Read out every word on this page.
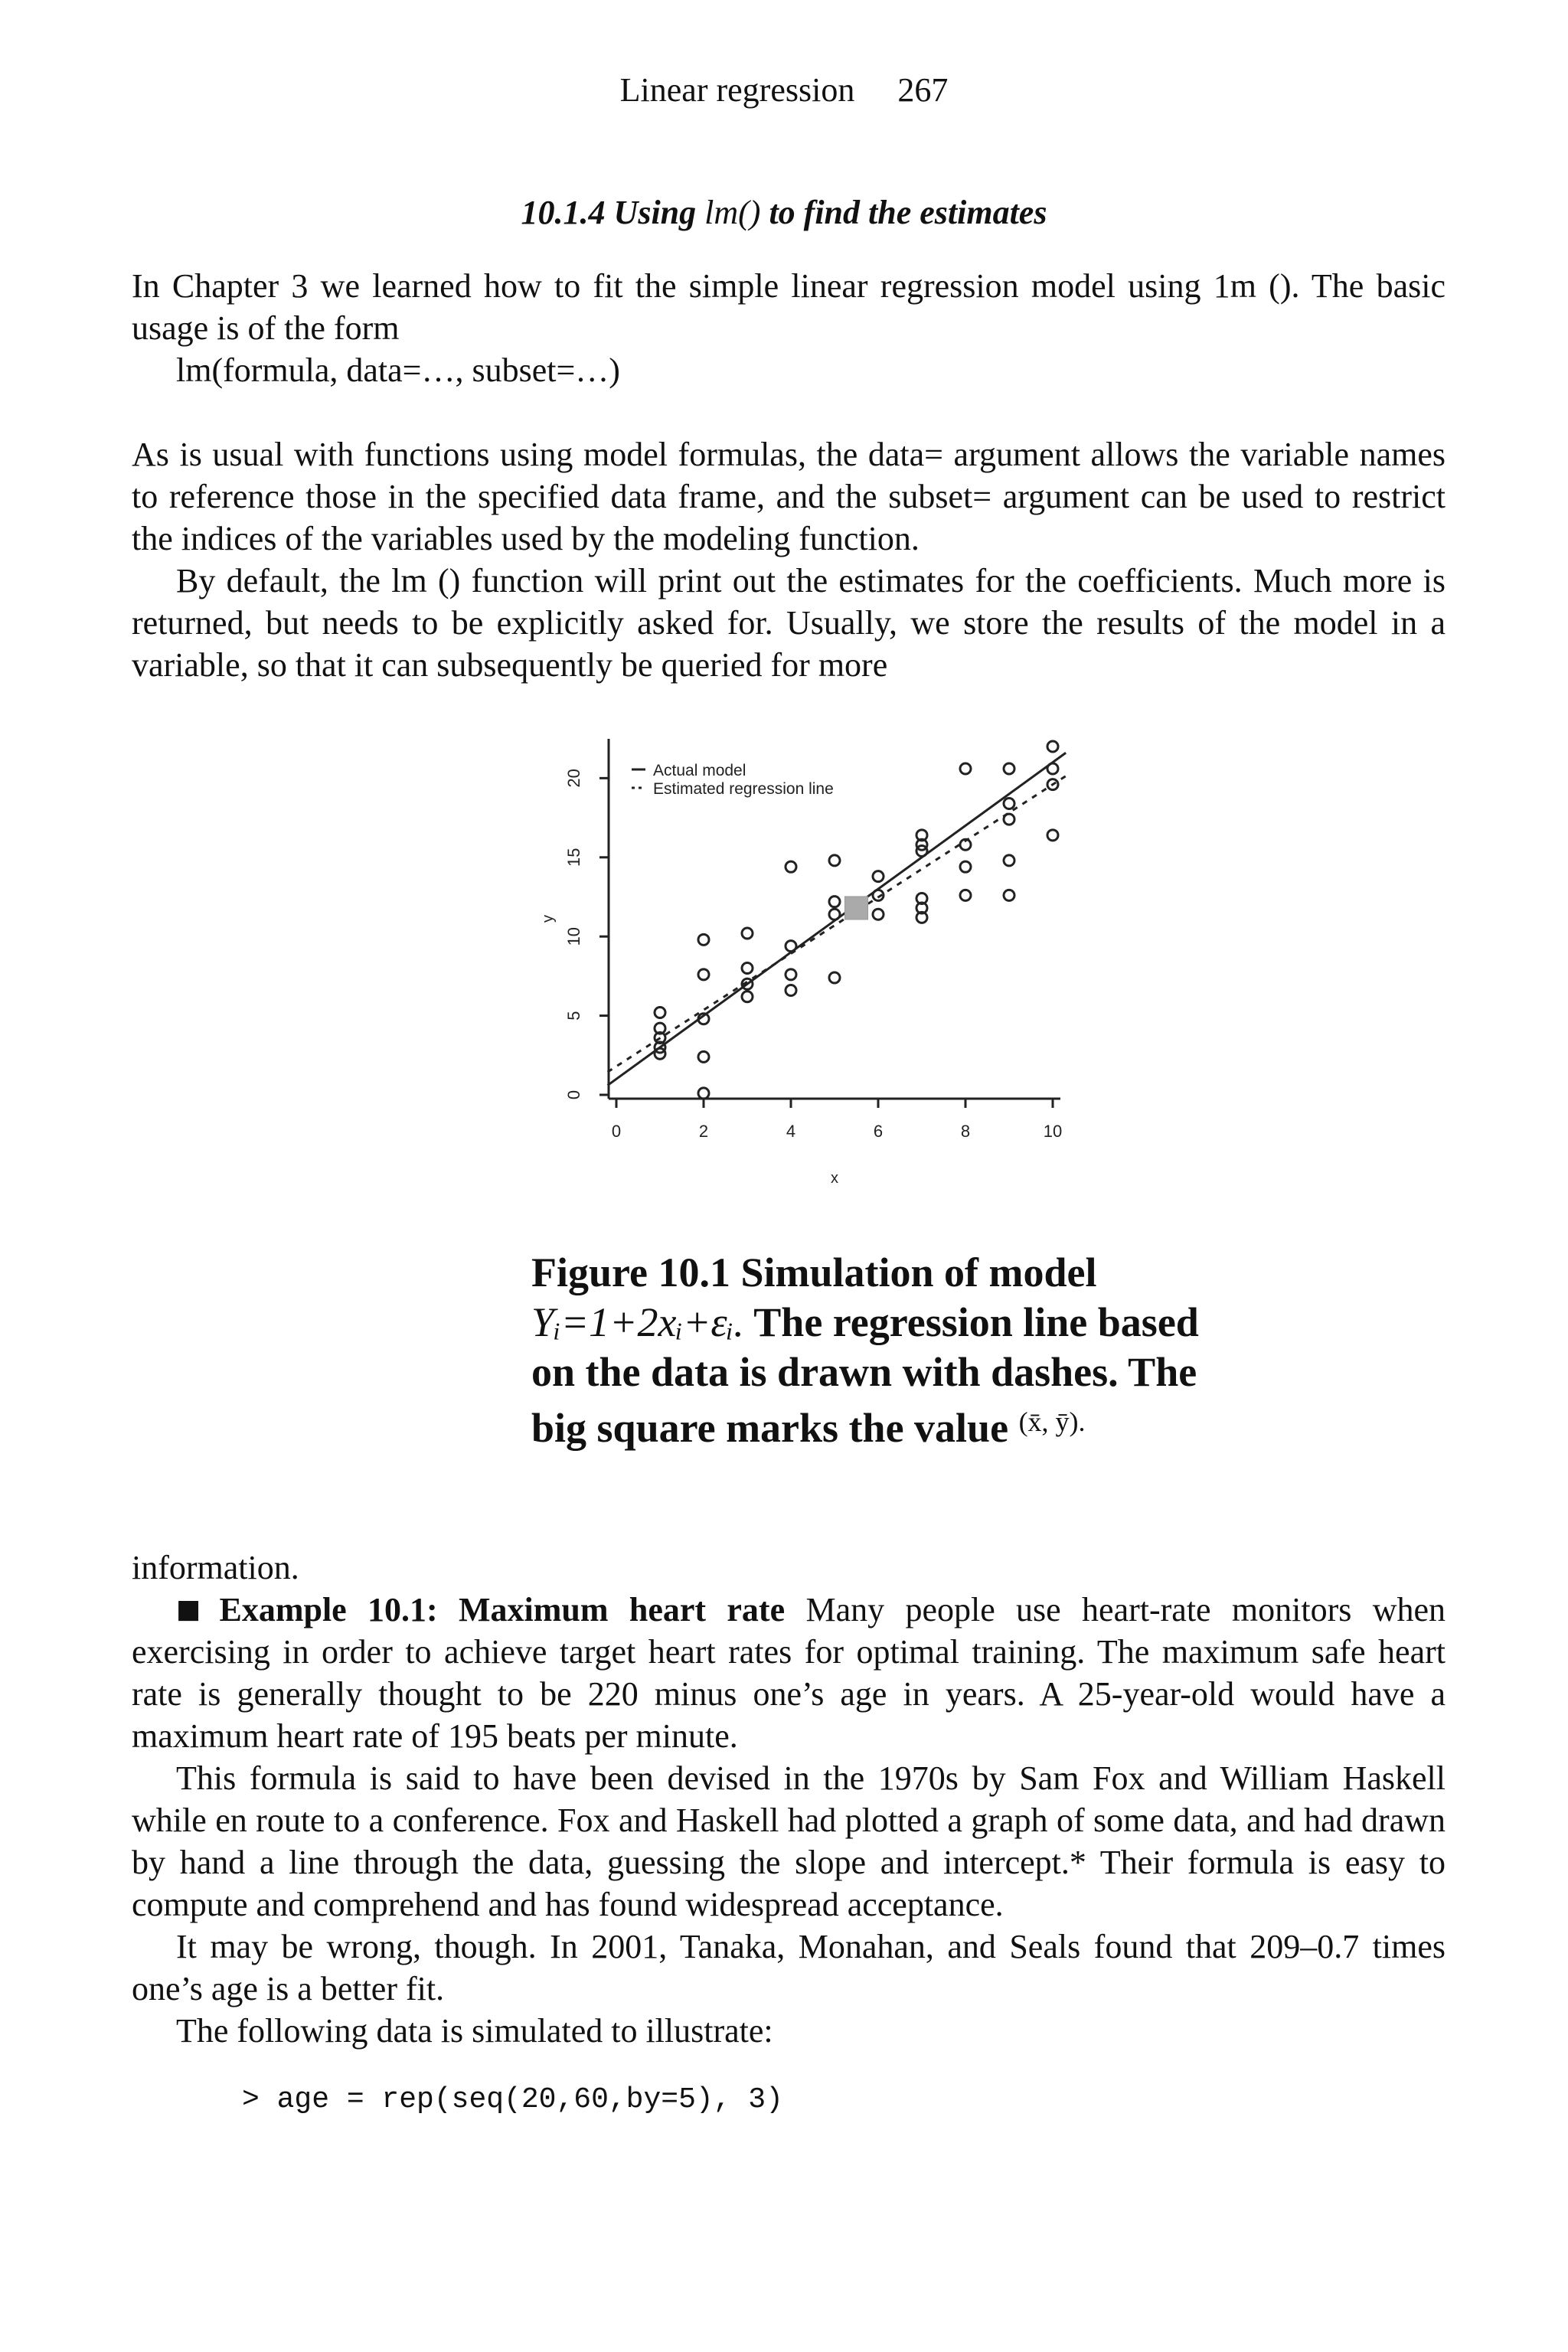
Linear regression 267
10.1.4 Using lm() to find the estimates

In Chapter 3 we learned how to fit the simple linear regression model using 1m (). The basic usage is of the form

lm(formula, data=…, subset=…)

As is usual with functions using model formulas, the data= argument allows the variable names to reference those in the specified data frame, and the subset= argument can be used to restrict the indices of the variables used by the modeling function.

By default, the lm () function will print out the estimates for the coefficients. Much more is returned, but needs to be explicitly asked for. Usually, we store the results of the model in a variable, so that it can subsequently be queried for more

0	2	4	6	8	10
0
5
10
15
20
x
y
Actual model
Estimated regression line
Figure 10.1 Simulation of model Yᵢ=1+2xᵢ+εᵢ. The regression line based on the data is drawn with dashes. The big square marks the value $^{(x̄, ȳ).}$

information.

■ Example 10.1: Maximum heart rate Many people use heart-rate monitors when exercising in order to achieve target heart rates for optimal training. The maximum safe heart rate is generally thought to be 220 minus one’s age in years. A 25-year-old would have a maximum heart rate of 195 beats per minute.

This formula is said to have been devised in the 1970s by Sam Fox and William Haskell while en route to a conference. Fox and Haskell had plotted a graph of some data, and had drawn by hand a line through the data, guessing the slope and intercept.* Their formula is easy to compute and comprehend and has found widespread acceptance.

It may be wrong, though. In 2001, Tanaka, Monahan, and Seals found that 209–0.7 times one’s age is a better fit.

The following data is simulated to illustrate:

> age = rep(seq(20,60,by=5), 3)
